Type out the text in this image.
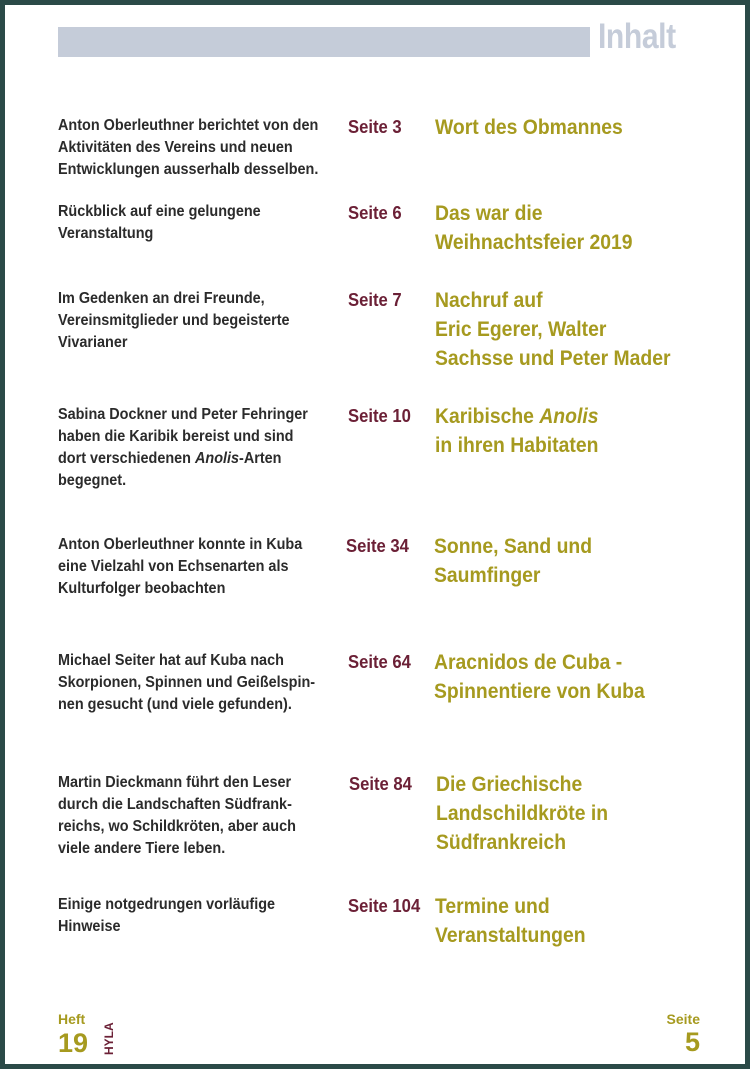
Inhalt
Anton Oberleuthner berichtet von den
Aktivitäten des Vereins und neuen
Entwicklungen ausserhalb desselben.
Seite 3 Wort des Obmannes
Rückblick auf eine gelungene
Veranstaltung
Seite 6 Das war die
Weihnachtsfeier 2019
Im Gedenken an drei Freunde,
Vereinsmitglieder und begeisterte
Vivarianer
Seite 7 Nachruf auf
Eric Egerer, Walter
Sachsse und Peter Mader
Sabina Dockner und Peter Fehringer
haben die Karibik bereist und sind
dort verschiedenen Anolis-Arten
begegnet.
Seite 10 Karibische Anolis
in ihren Habitaten
Anton Oberleuthner konnte in Kuba
eine Vielzahl von Echsenarten als
Kulturfolger beobachten
Seite 34 Sonne, Sand und
Saumfinger
Michael Seiter hat auf Kuba nach
Skorpionen, Spinnen und Geißelspin-
nen gesucht (und viele gefunden).
Seite 64 Aracnidos de Cuba -
Spinnentiere von Kuba
Martin Dieckmann führt den Leser
durch die Landschaften Südfrank-
reichs, wo Schildkröten, aber auch
viele andere Tiere leben.
Seite 84 Die Griechische
Landschildkröte in
Südfrankreich
Einige notgedrungen vorläufige
Hinweise
Seite 104 Termine und
Veranstaltungen
Heft
19 HYLA
Seite
5
